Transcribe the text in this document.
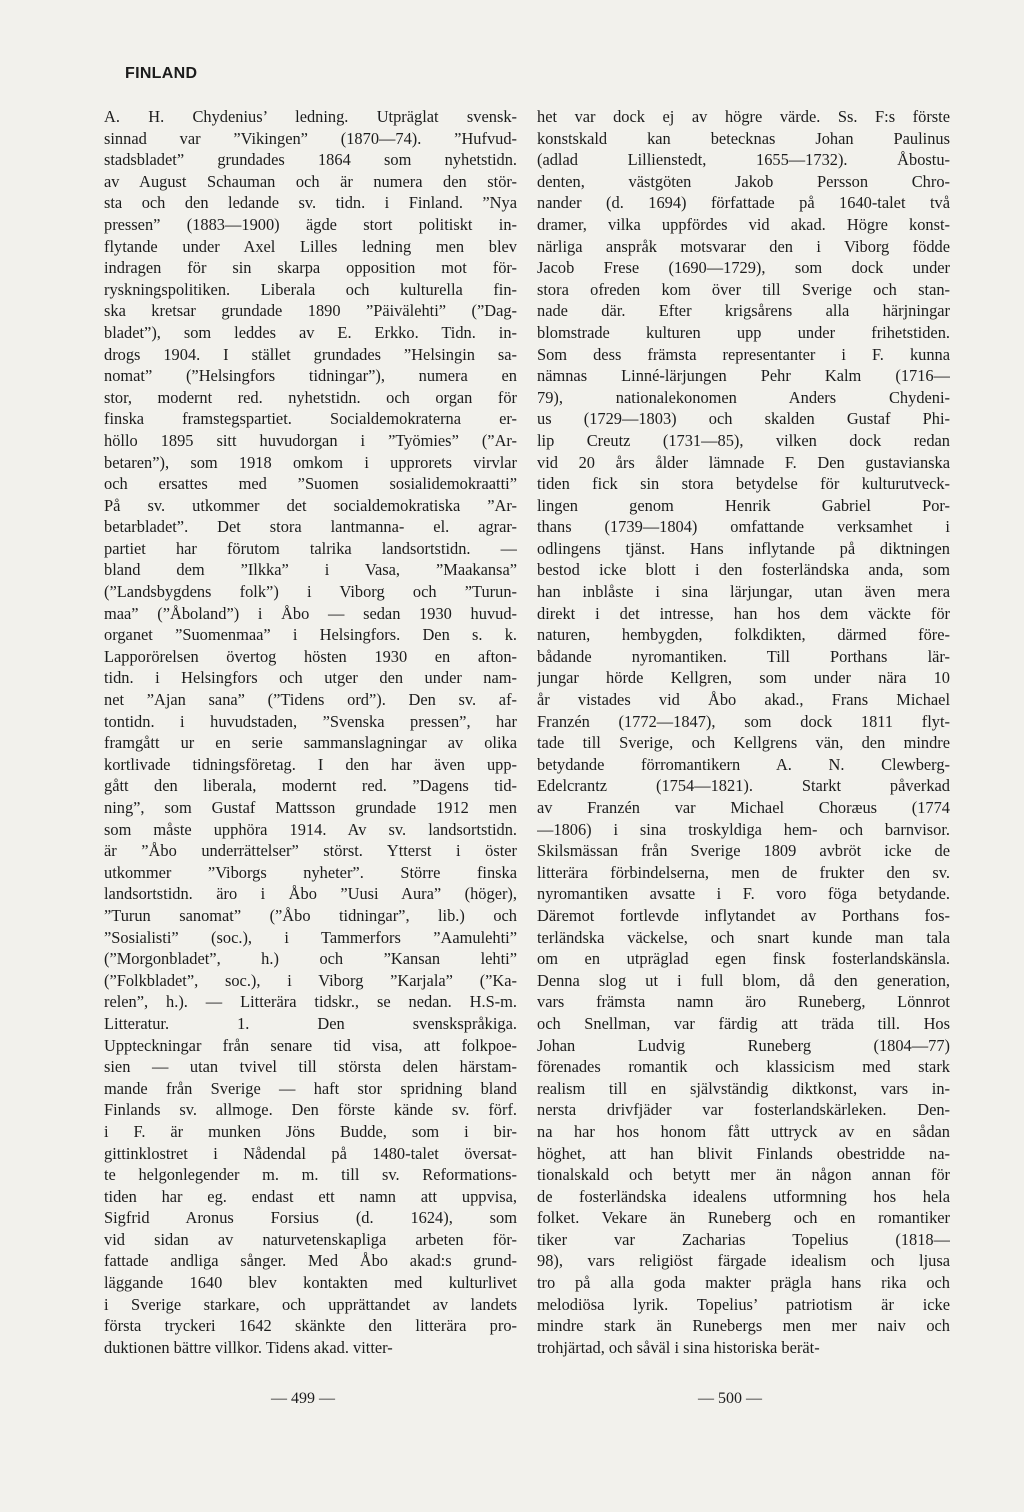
FINLAND
A. H. Chydenius’ ledning. Utpräglat svensk-
sinnad var ”Vikingen” (1870—74). ”Hufvud-
stadsbladet” grundades 1864 som nyhetstidn.
av August Schauman och är numera den stör-
sta och den ledande sv. tidn. i Finland. ”Nya
pressen” (1883—1900) ägde stort politiskt in-
flytande under Axel Lilles ledning men blev
indragen för sin skarpa opposition mot för-
ryskningspolitiken. Liberala och kulturella fin-
ska kretsar grundade 1890 ”Päivälehti” (”Dag-
bladet”), som leddes av E. Erkko. Tidn. in-
drogs 1904. I stället grundades ”Helsingin sa-
nomat” (”Helsingfors tidningar”), numera en
stor, modernt red. nyhetstidn. och organ för
finska framstegspartiet. Socialdemokraterna er-
höllo 1895 sitt huvudorgan i ”Työmies” (”Ar-
betaren”), som 1918 omkom i upprorets virvlar
och ersattes med ”Suomen sosialidemokraatti”
På sv. utkommer det socialdemokratiska ”Ar-
betarbladet”. Det stora lantmanna- el. agrar-
partiet har förutom talrika landsortstidn. —
bland dem ”Ilkka” i Vasa, ”Maakansa”
(”Landsbygdens folk”) i Viborg och ”Turun-
maa” (”Åboland”) i Åbo — sedan 1930 huvud-
organet ”Suomenmaa” i Helsingfors. Den s. k.
Lapporörelsen övertog hösten 1930 en afton-
tidn. i Helsingfors och utger den under nam-
net ”Ajan sana” (”Tidens ord”). Den sv. af-
tontidn. i huvudstaden, ”Svenska pressen”, har
framgått ur en serie sammanslagningar av olika
kortlivade tidningsföretag. I den har även upp-
gått den liberala, modernt red. ”Dagens tid-
ning”, som Gustaf Mattsson grundade 1912 men
som måste upphöra 1914. Av sv. landsortstidn.
är ”Åbo underrättelser” störst. Ytterst i öster
utkommer ”Viborgs nyheter”. Större finska
landsortstidn. äro i Åbo ”Uusi Aura” (höger),
”Turun sanomat” (”Åbo tidningar”, lib.) och
”Sosialisti” (soc.), i Tammerfors ”Aamulehti”
(”Morgonbladet”, h.) och ”Kansan lehti”
(”Folkbladet”, soc.), i Viborg ”Karjala” (”Ka-
relen”, h.). — Litterära tidskr., se nedan. H.S-m.
Litteratur. 1. Den svenskspråkiga.
Uppteckningar från senare tid visa, att folkpoe-
sien — utan tvivel till största delen härstam-
mande från Sverige — haft stor spridning bland
Finlands sv. allmoge. Den förste kände sv. förf.
i F. är munken Jöns Budde, som i bir-
gittinklostret i Nådendal på 1480-talet översat-
te helgonlegender m. m. till sv. Reformations-
tiden har eg. endast ett namn att uppvisa,
Sigfrid Aronus Forsius (d. 1624), som
vid sidan av naturvetenskapliga arbeten för-
fattade andliga sånger. Med Åbo akad:s grund-
läggande 1640 blev kontakten med kulturlivet
i Sverige starkare, och upprättandet av landets
första tryckeri 1642 skänkte den litterära pro-
duktionen bättre villkor. Tidens akad. vitter-
het var dock ej av högre värde. Ss. F:s förste
konstskald kan betecknas Johan Paulinus
(adlad Lillienstedt, 1655—1732). Åbostu-
denten, västgöten Jakob Persson Chro-
nander (d. 1694) författade på 1640-talet två
dramer, vilka uppfördes vid akad. Högre konst-
närliga anspråk motsvarar den i Viborg födde
Jacob Frese (1690—1729), som dock under
stora ofreden kom över till Sverige och stan-
nade där. Efter krigsårens alla härjningar
blomstrade kulturen upp under frihetstiden.
Som dess främsta representanter i F. kunna
nämnas Linné-lärjungen Pehr Kalm (1716—
79), nationalekonomen Anders Chydeni-
us (1729—1803) och skalden Gustaf Phi-
lip Creutz (1731—85), vilken dock redan
vid 20 års ålder lämnade F. Den gustavianska
tiden fick sin stora betydelse för kulturutveck-
lingen genom Henrik Gabriel Por-
thans (1739—1804) omfattande verksamhet i
odlingens tjänst. Hans inflytande på diktningen
bestod icke blott i den fosterländska anda, som
han inblåste i sina lärjungar, utan även mera
direkt i det intresse, han hos dem väckte för
naturen, hembygden, folkdikten, därmed före-
bådande nyromantiken. Till Porthans lär-
jungar hörde Kellgren, som under nära 10
år vistades vid Åbo akad., Frans Michael
Franzén (1772—1847), som dock 1811 flyt-
tade till Sverige, och Kellgrens vän, den mindre
betydande förromantikern A. N. Clewberg-
Edelcrantz (1754—1821). Starkt påverkad
av Franzén var Michael Choræus (1774
—1806) i sina troskyldiga hem- och barnvisor.
Skilsmässan från Sverige 1809 avbröt icke de
litterära förbindelserna, men de frukter den sv.
nyromantiken avsatte i F. voro föga betydande.
Däremot fortlevde inflytandet av Porthans fos-
terländska väckelse, och snart kunde man tala
om en utpräglad egen finsk fosterlandskänsla.
Denna slog ut i full blom, då den generation,
vars främsta namn äro Runeberg, Lönnrot
och Snellman, var färdig att träda till. Hos
Johan Ludvig Runeberg (1804—77)
förenades romantik och klassicism med stark
realism till en självständig diktkonst, vars in-
nersta drivfjäder var fosterlandskärleken. Den-
na har hos honom fått uttryck av en sådan
höghet, att han blivit Finlands obestridde na-
tionalskald och betytt mer än någon annan för
de fosterländska idealens utformning hos hela
folket. Vekare än Runeberg och en romantiker
tiker var Zacharias Topelius (1818—
98), vars religiöst färgade idealism och ljusa
tro på alla goda makter prägla hans rika och
melodiösa lyrik. Topelius’ patriotism är icke
mindre stark än Runebergs men mer naiv och
trohjärtad, och såväl i sina historiska berät-
— 499 —	— 500 —
